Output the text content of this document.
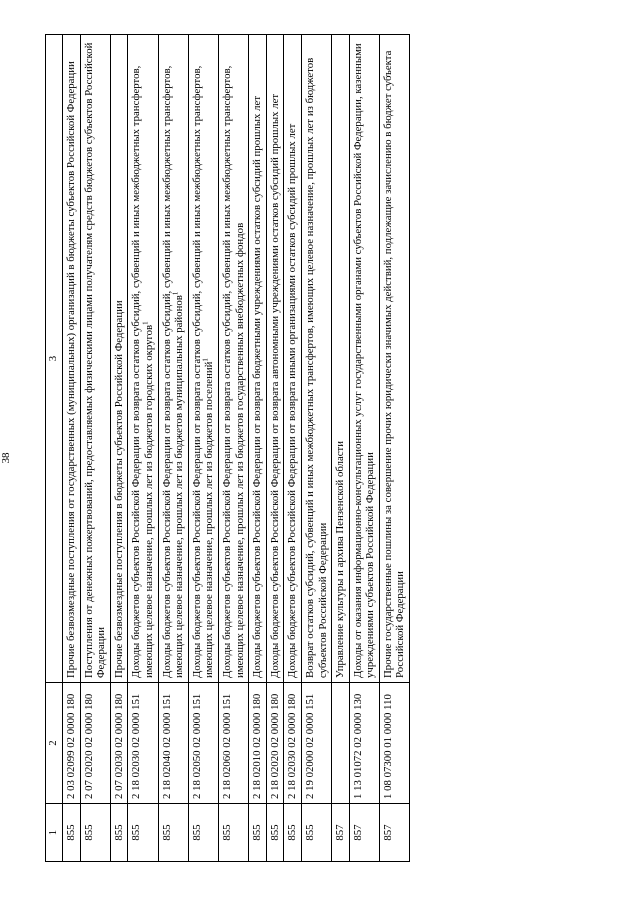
38
1	2	3
855	2 03 02099 02 0000 180	Прочие безвозмездные поступления от государственных (муниципальных) организаций в бюджеты субъектов Российской Федерации
855	2 07 02020 02 0000 180	Поступления от денежных пожертвований, предоставляемых физическими лицами получателям средств бюджетов субъектов Российской Федерации
855	2 07 02030 02 0000 180	Прочие безвозмездные поступления в бюджеты субъектов Российской Федерации
855	2 18 02030 02 0000 151	Доходы бюджетов субъектов Российской Федерации от возврата остатков субсидий, субвенций и иных межбюджетных трансфертов, имеющих целевое назначение, прошлых лет из бюджетов городских округов$^1$
855	2 18 02040 02 0000 151	Доходы бюджетов субъектов Российской Федерации от возврата остатков субсидий, субвенций и иных межбюджетных трансфертов, имеющих целевое назначение, прошлых лет из бюджетов муниципальных районов$^1$
855	2 18 02050 02 0000 151	Доходы бюджетов субъектов Российской Федерации от возврата остатков субсидий, субвенций и иных межбюджетных трансфертов, имеющих целевое назначение, прошлых лет из бюджетов поселений$^1$
855	2 18 02060 02 0000 151	Доходы бюджетов субъектов Российской Федерации от возврата остатков субсидий, субвенций и иных межбюджетных трансфертов, имеющих целевое назначение, прошлых лет из бюджетов государственных внебюджетных фондов
855	2 18 02010 02 0000 180	Доходы бюджетов субъектов Российской Федерации от возврата бюджетными учреждениями остатков субсидий прошлых лет
855	2 18 02020 02 0000 180	Доходы бюджетов субъектов Российской Федерации от возврата автономными учреждениями остатков субсидий прошлых лет
855	2 18 02030 02 0000 180	Доходы бюджетов субъектов Российской Федерации от возврата иными организациями остатков субсидий прошлых лет
855	2 19 02000 02 0000 151	Возврат остатков субсидий, субвенций и иных межбюджетных трансфертов, имеющих целевое назначение, прошлых лет из бюджетов субъектов Российской Федерации
857		Управление культуры и архива Пензенской области
857	1 13 01072 02 0000 130	Доходы от оказания информационно-консультационных услуг государственными органами субъектов Российской Федерации, казенными учреждениями субъектов Российской Федерации
857	1 08 07300 01 0000 110	Прочие государственные пошлины за совершение прочих юридически значимых действий, подлежащие зачислению в бюджет субъекта Российской Федерации
